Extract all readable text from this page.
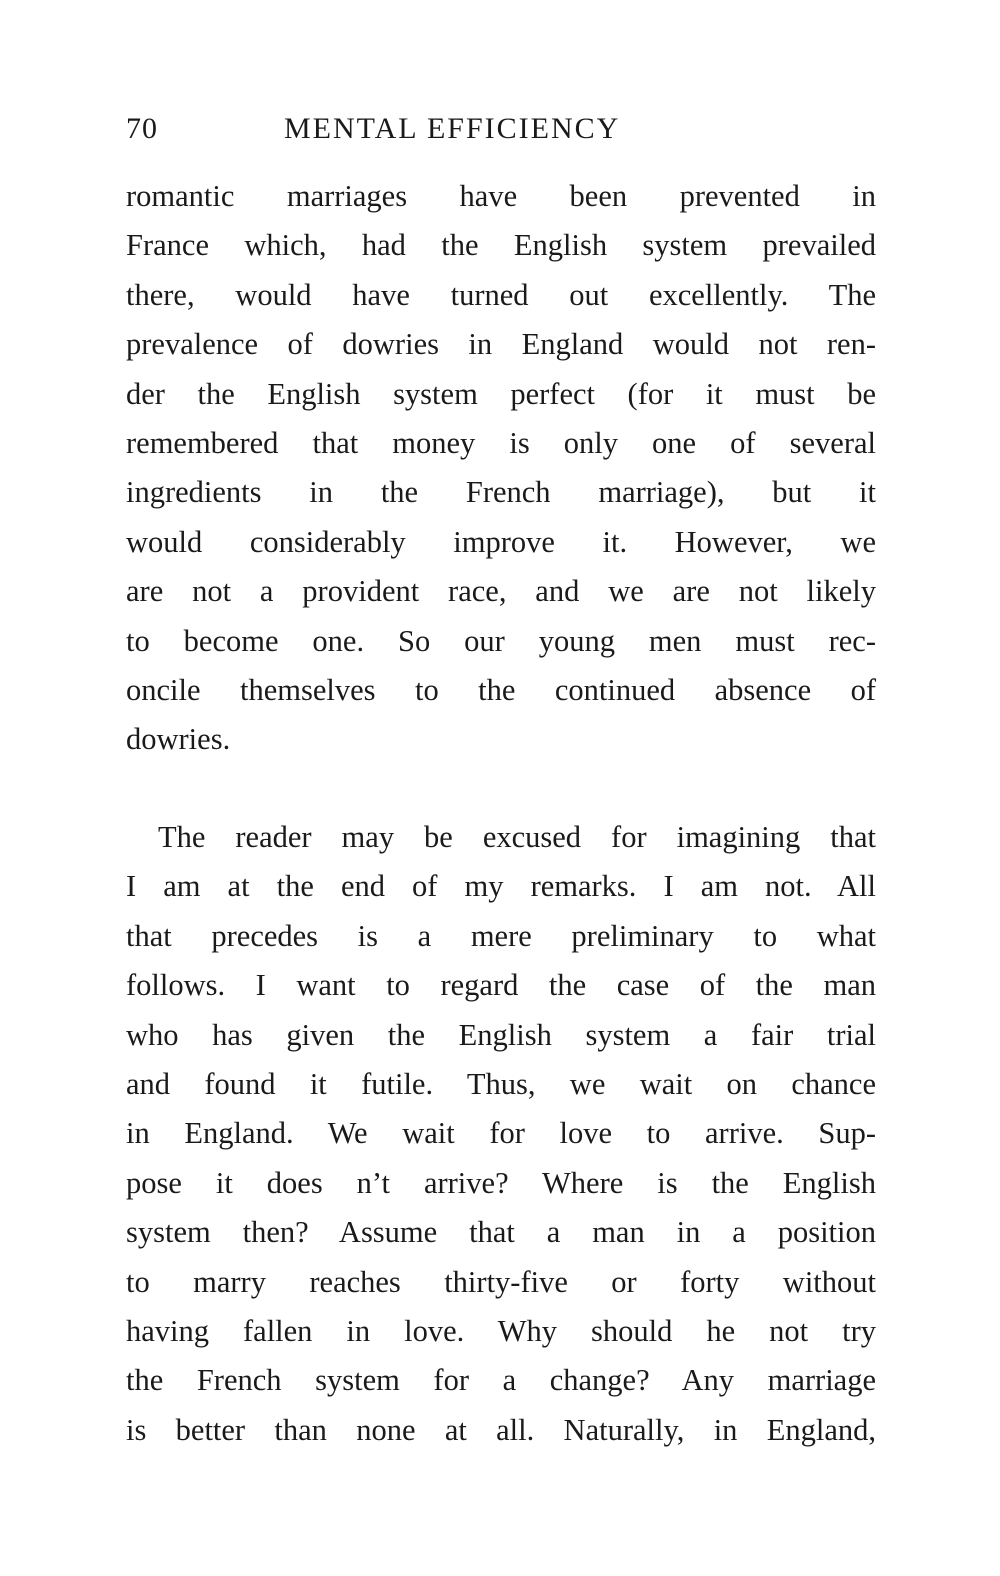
70	MENTAL EFFICIENCY
romantic marriages have been prevented in
France which, had the English system prevailed
there, would have turned out excellently. The
prevalence of dowries in England would not ren-
der the English system perfect (for it must be
remembered that money is only one of several
ingredients in the French marriage), but it
would considerably improve it. However, we
are not a provident race, and we are not likely
to become one. So our young men must rec-
oncile themselves to the continued absence of
dowries.
The reader may be excused for imagining that
I am at the end of my remarks. I am not. All
that precedes is a mere preliminary to what
follows. I want to regard the case of the man
who has given the English system a fair trial
and found it futile. Thus, we wait on chance
in England. We wait for love to arrive. Sup-
pose it does n’t arrive? Where is the English
system then? Assume that a man in a position
to marry reaches thirty-five or forty without
having fallen in love. Why should he not try
the French system for a change? Any marriage
is better than none at all. Naturally, in England,
